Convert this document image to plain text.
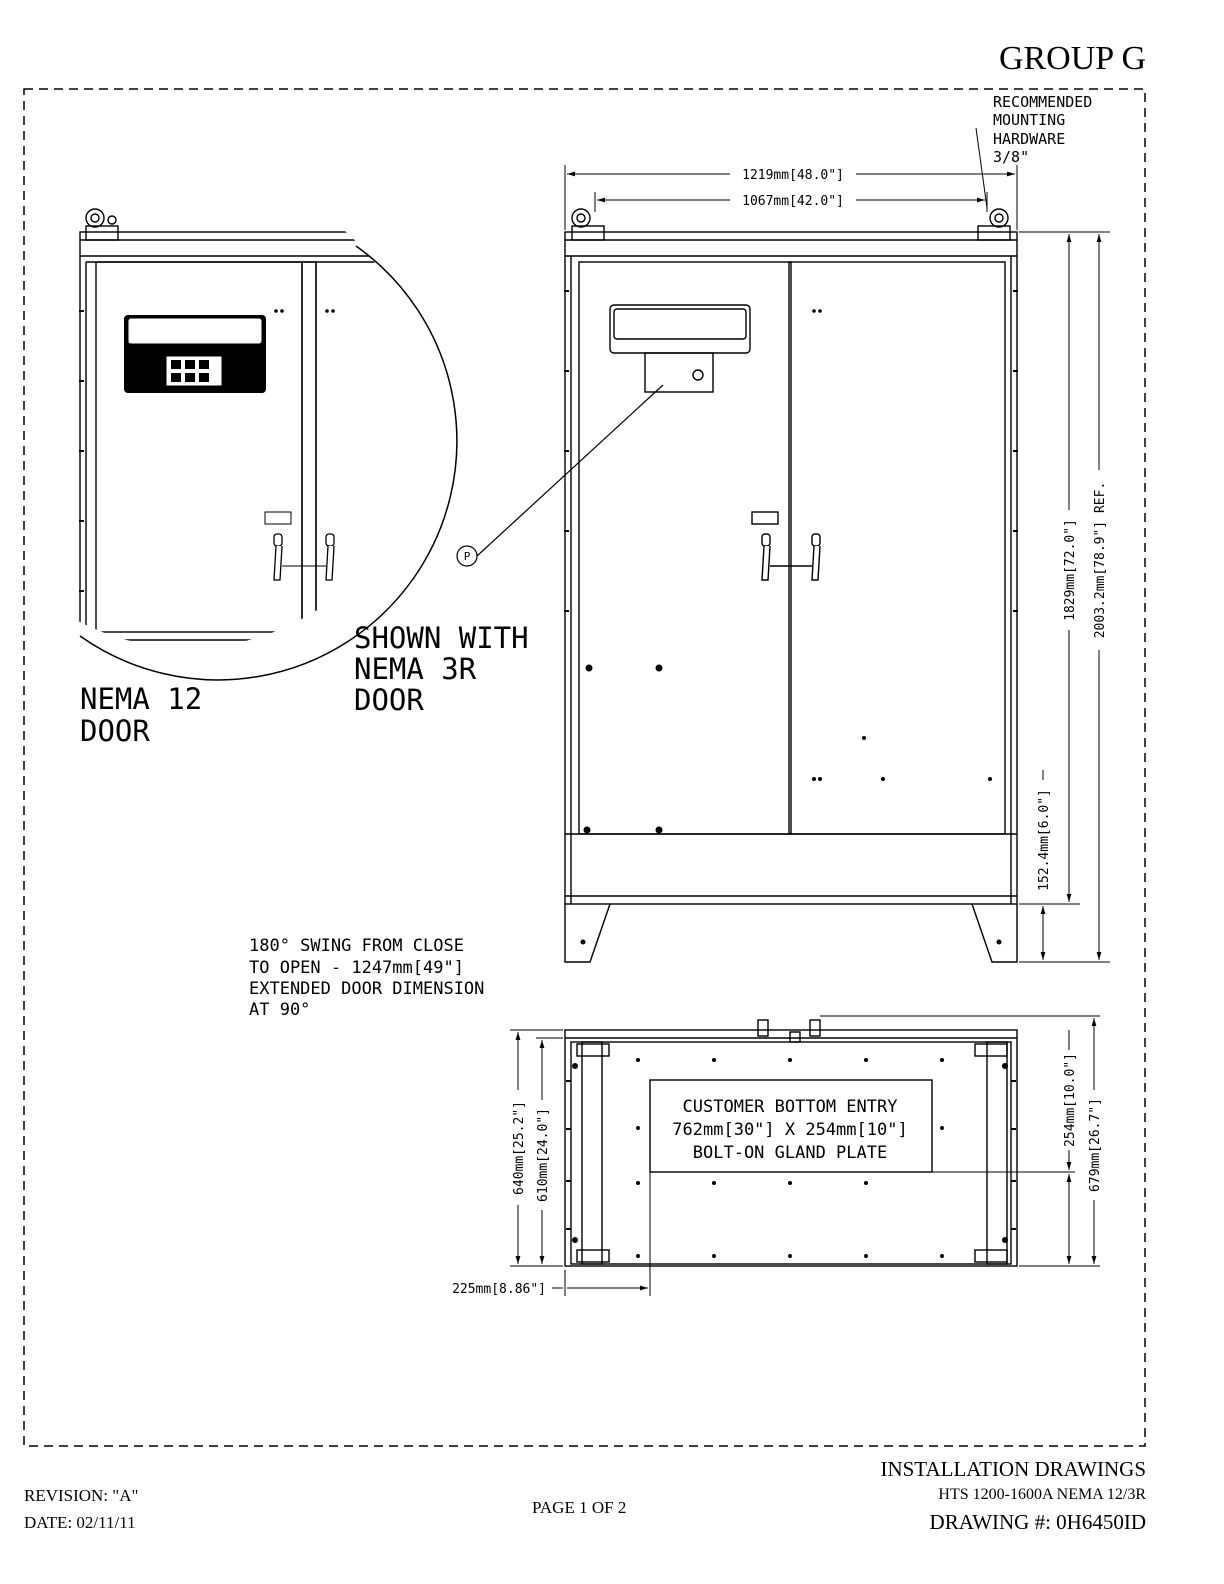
GROUP G
P
RECOMMENDED
MOUNTING
HARDWARE
3/8"
1219mm[48.0"]
1067mm[42.0"]
1829mm[72.0"] 2003.2mm[78.9"] REF.
152.4mm[6.0"]
640mm[25.2"] 610mm[24.0"]
254mm[10.0"] 679mm[26.7"]
225mm[8.86"]
NEMA 12
DOOR
SHOWN WITH
NEMA 3R
DOOR
180° SWING FROM CLOSE
TO OPEN - 1247mm[49"]
EXTENDED DOOR DIMENSION
AT 90°
CUSTOMER BOTTOM ENTRY
762mm[30"] X 254mm[10"]
BOLT-ON GLAND PLATE
REVISION: "A"
DATE: 02/11/11
PAGE 1 OF 2
INSTALLATION DRAWINGS
HTS 1200-1600A NEMA 12/3R
DRAWING #: 0H6450ID
